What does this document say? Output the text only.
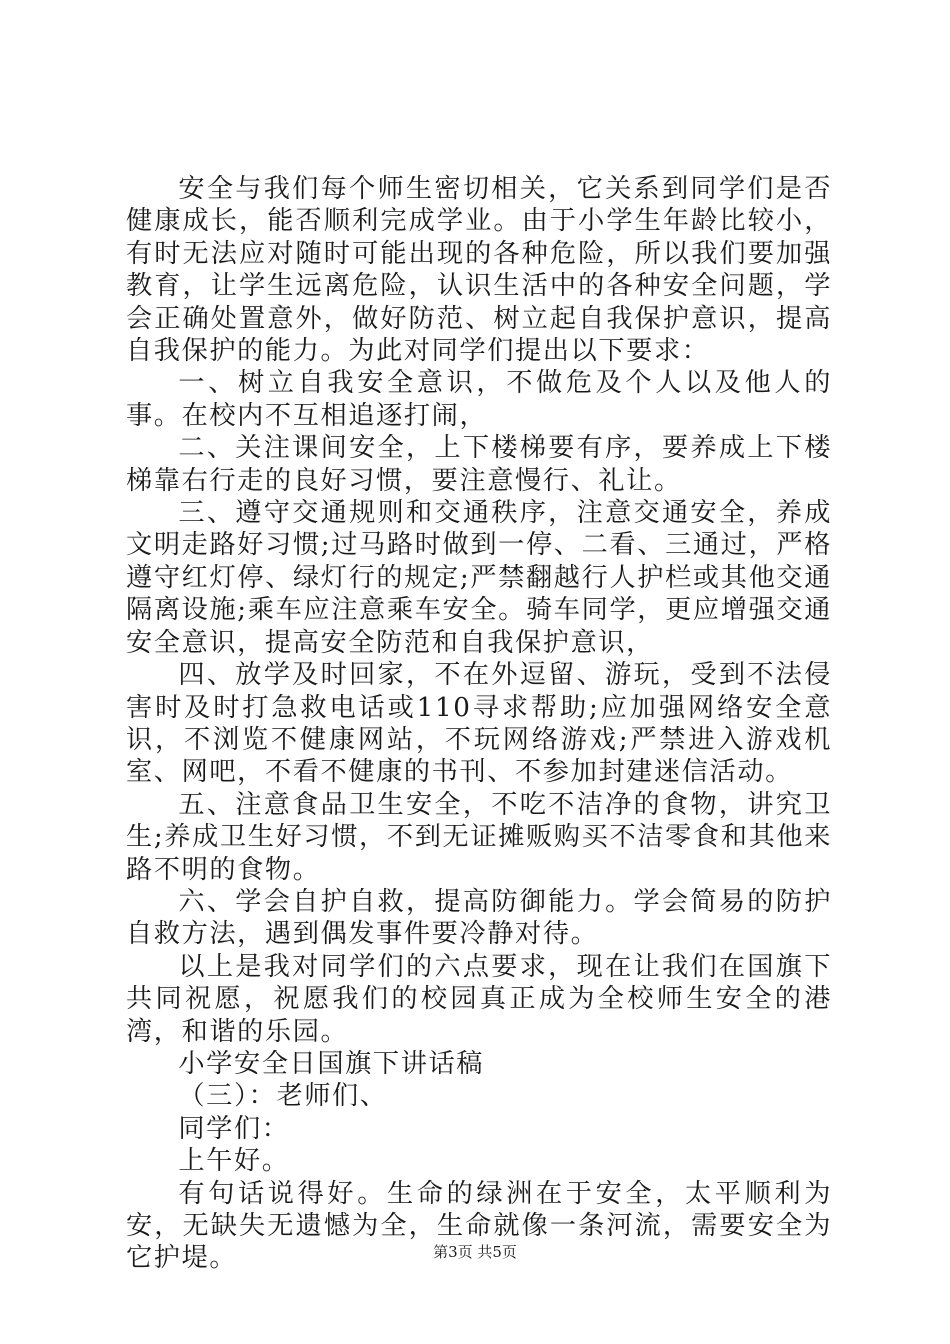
安全与我们每个师生密切相关，它关系到同学们是否健康成长，能否顺利完成学业。由于小学生年龄比较小，有时无法应对随时可能出现的各种危险，所以我们要加强教育，让学生远离危险，认识生活中的各种安全问题，学会正确处置意外，做好防范、树立起自我保护意识，提高自我保护的能力。为此对同学们提出以下要求：

一、树立自我安全意识，不做危及个人以及他人的事。在校内不互相追逐打闹，

二、关注课间安全，上下楼梯要有序，要养成上下楼梯靠右行走的良好习惯，要注意慢行、礼让。

三、遵守交通规则和交通秩序，注意交通安全，养成文明走路好习惯;过马路时做到一停、二看、三通过，严格遵守红灯停、绿灯行的规定;严禁翻越行人护栏或其他交通隔离设施;乘车应注意乘车安全。骑车同学，更应增强交通安全意识，提高安全防范和自我保护意识，

四、放学及时回家，不在外逗留、游玩，受到不法侵害时及时打急救电话或110寻求帮助;应加强网络安全意识，不浏览不健康网站，不玩网络游戏;严禁进入游戏机室、网吧，不看不健康的书刊、不参加封建迷信活动。

五、注意食品卫生安全，不吃不洁净的食物，讲究卫生;养成卫生好习惯，不到无证摊贩购买不洁零食和其他来路不明的食物。

六、学会自护自救，提高防御能力。学会简易的防护自救方法，遇到偶发事件要冷静对待。

以上是我对同学们的六点要求，现在让我们在国旗下共同祝愿，祝愿我们的校园真正成为全校师生安全的港湾，和谐的乐园。

小学安全日国旗下讲话稿

（三）：老师们、

同学们：

上午好。

有句话说得好。生命的绿洲在于安全，太平顺利为安，无缺失无遗憾为全，生命就像一条河流，需要安全为它护堤。	第3页 共5页
